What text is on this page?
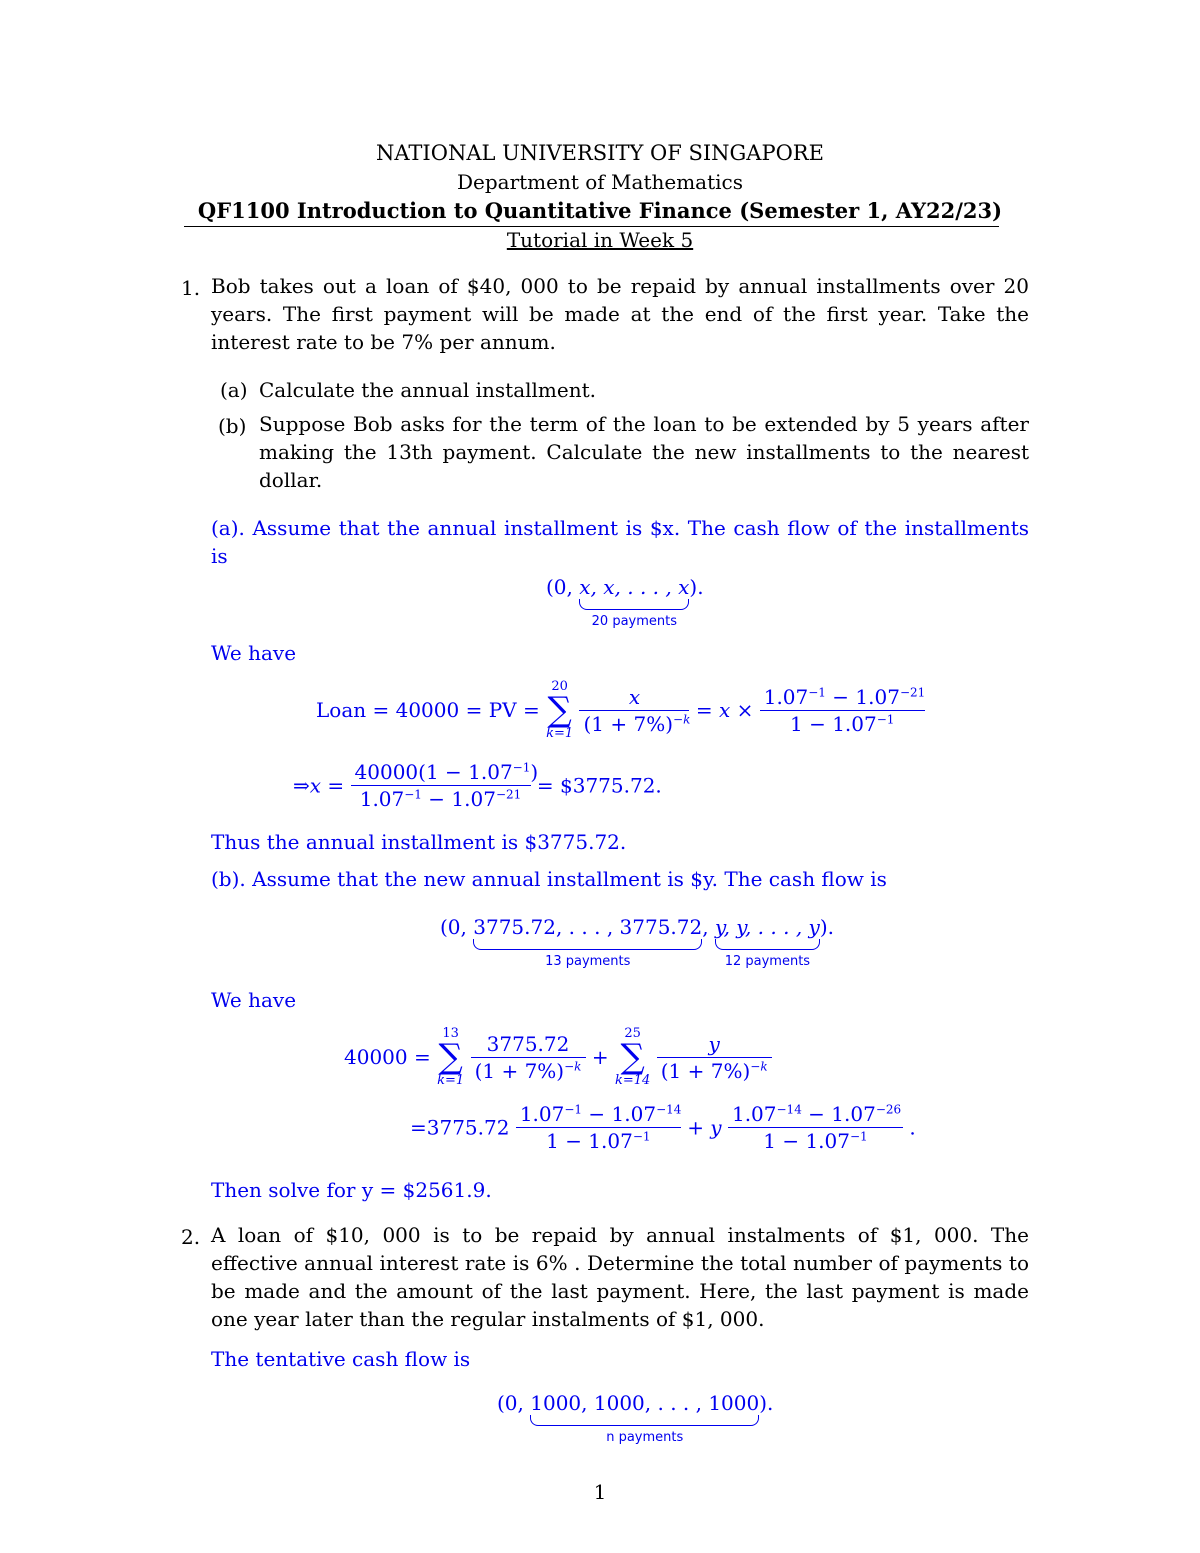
NATIONAL UNIVERSITY OF SINGAPORE
Department of Mathematics
QF1100 Introduction to Quantitative Finance (Semester 1, AY22/23)
Tutorial in Week 5
1. Bob takes out a loan of $40, 000 to be repaid by annual installments over 20 years. The first payment will be made at the end of the first year. Take the interest rate to be 7% per annum.
(a) Calculate the annual installment.
(b) Suppose Bob asks for the term of the loan to be extended by 5 years after making the 13th payment. Calculate the new installments to the nearest dollar.
(a). Assume that the annual installment is $x. The cash flow of the installments is
(0, x, x, . . . , x
20 payments
).
We have
Loan = 40000 = PV =
20
∑
k=1
$\frac{x}{(1 + 7\%)^{-k}} = x \times \frac{1.07^{-1} - 1.07^{-21}}{1 - 1.07^{-1}}$
⇒x = $\frac{40000(1 - 1.07^{-1})}{1.07^{-1} - 1.07^{-21}}$ = $3775.72.
Thus the annual installment is $3775.72.
(b). Assume that the new annual installment is $y. The cash flow is
(0, 3775.72, . . . , 3775.72
13 payments
, y, y, . . . , y
12 payments
).
We have
40000 =
13
∑
k=1
$\frac{3775.72}{(1 + 7\%)^{-k}}$ +
25
∑
k=14
$\frac{y}{(1 + 7\%)^{-k}}$
$=3775.72 \frac{1.07^{-1} - 1.07^{-14}}{1 - 1.07^{-1}} + y \frac{1.07^{-14} - 1.07^{-26}}{1 - 1.07^{-1}}$ .
Then solve for y = $2561.9.
2. A loan of $10, 000 is to be repaid by annual instalments of $1, 000. The effective annual interest rate is 6% . Determine the total number of payments to be made and the amount of the last payment. Here, the last payment is made one year later than the regular instalments of $1, 000.
The tentative cash flow is
(0, 1000, 1000, . . . , 1000
n payments
).
1
